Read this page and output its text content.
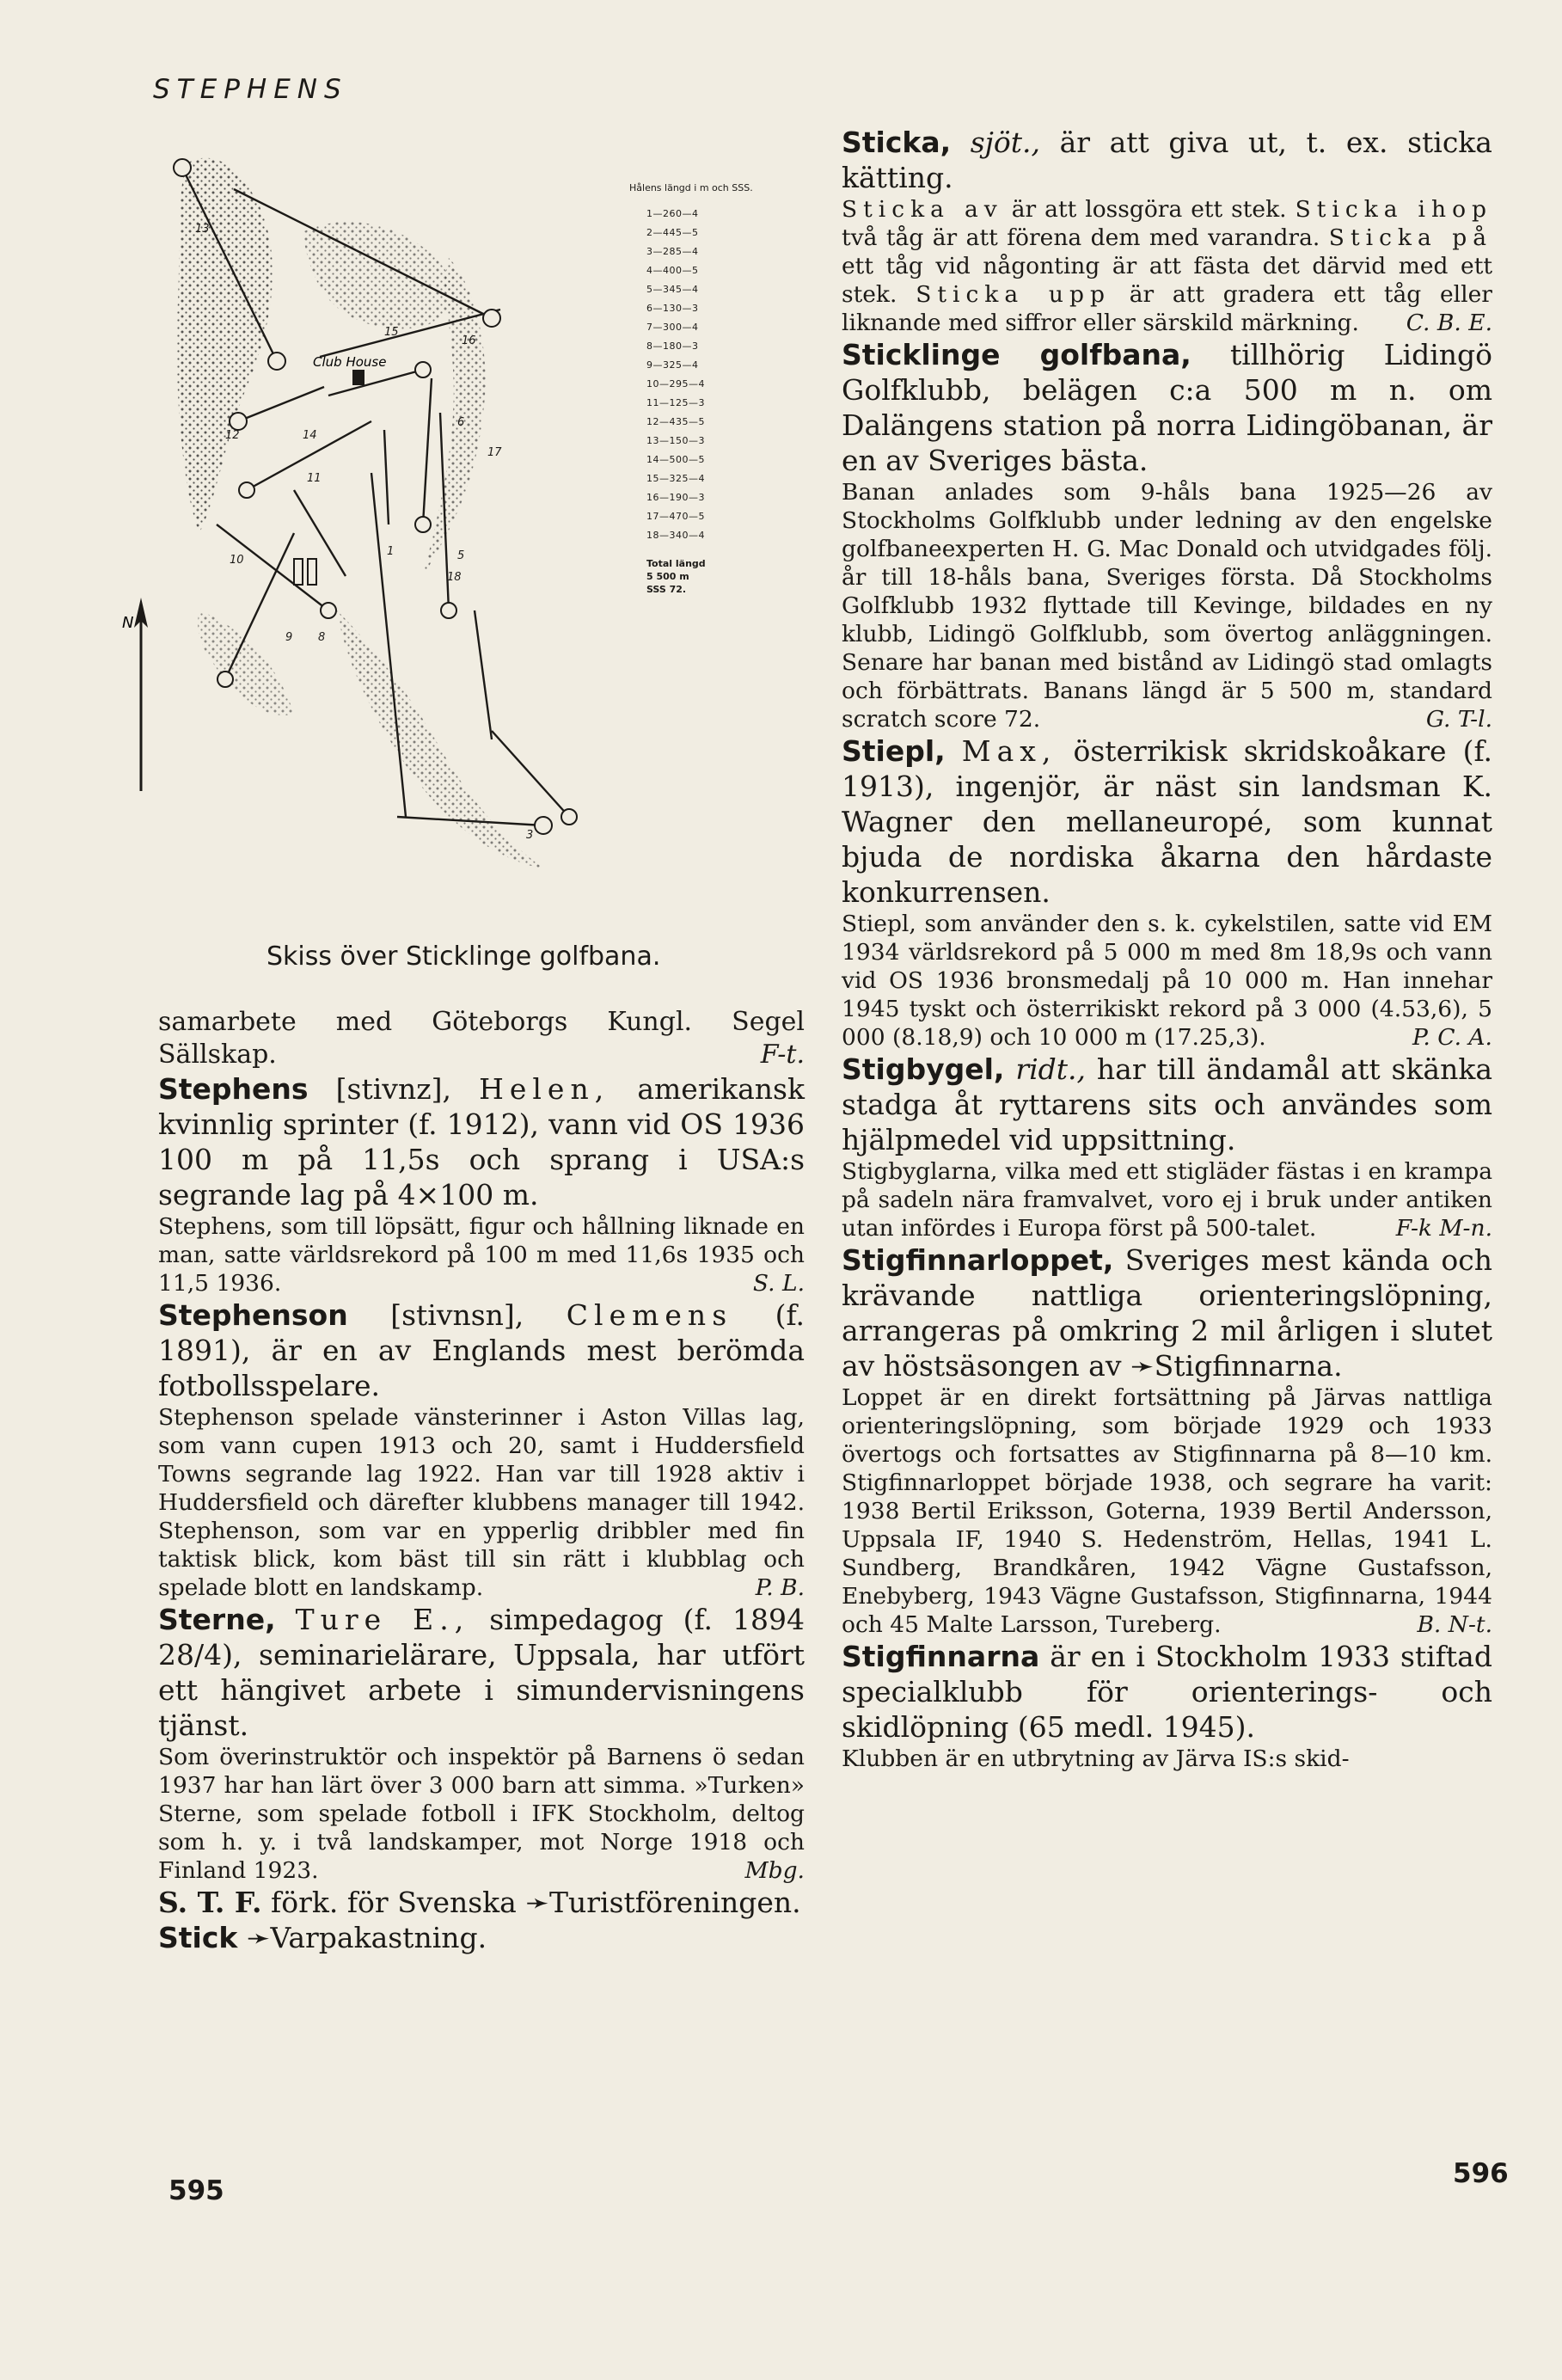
STEPHENS
Club House
N
13
15
16
6
17
12
11
10
1
9 8
5
18
3
14
Hålens längd i m och SSS.
1—260—4
2—445—5
3—285—4
4—400—5
5—345—4
6—130—3
7—300—4
8—180—3
9—325—4
10—295—4
11—125—3
12—435—5
13—150—3
14—500—5
15—325—4
16—190—3
17—470—5
18—340—4
Total längd
5 500 m
SSS 72.
Skiss över Sticklinge golfbana.

samarbete med Göteborgs Kungl. Segel Sällskap.	F-t.

Stephens [stivnz], Helen, amerikansk kvinnlig sprinter (f. 1912), vann vid OS 1936 100 m på 11,5s och sprang i USA:s segrande lag på 4×100 m.

Stephens, som till löpsätt, figur och hållning liknade en man, satte världsrekord på 100 m med 11,6s 1935 och 11,5 1936.	S. L.

Stephenson [stivnsn], Clemens (f. 1891), är en av Englands mest berömda fotbollsspelare.

Stephenson spelade vänsterinner i Aston Villas lag, som vann cupen 1913 och 20, samt i Huddersfield Towns segrande lag 1922. Han var till 1928 aktiv i Huddersfield och därefter klubbens manager till 1942. Stephenson, som var en ypperlig dribbler med fin taktisk blick, kom bäst till sin rätt i klubblag och spelade blott en landskamp.	P. B.

Sterne, Ture E., simpedagog (f. 1894 28/4), seminarielärare, Uppsala, har utfört ett hängivet arbete i simundervisningens tjänst.

Som överinstruktör och inspektör på Barnens ö sedan 1937 har han lärt över 3 000 barn att simma. »Turken» Sterne, som spelade fotboll i IFK Stockholm, deltog som h. y. i två landskamper, mot Norge 1918 och Finland 1923.	Mbg.

S. T. F. förk. för Svenska ➛Turistföreningen.

Stick ➛Varpakastning.

595

Sticka, sjöt., är att giva ut, t. ex. sticka kätting.

Sticka av är att lossgöra ett stek. Sticka ihop två tåg är att förena dem med varandra. Sticka på ett tåg vid någonting är att fästa det därvid med ett stek. Sticka upp är att gradera ett tåg eller liknande med siffror eller särskild märkning.	C. B. E.

Sticklinge golfbana, tillhörig Lidingö Golfklubb, belägen c:a 500 m n. om Dalängens station på norra Lidingöbanan, är en av Sveriges bästa.

Banan anlades som 9-håls bana 1925—26 av Stockholms Golfklubb under ledning av den engelske golfbaneexperten H. G. Mac Donald och utvidgades följ. år till 18-håls bana, Sveriges första. Då Stockholms Golfklubb 1932 flyttade till Kevinge, bildades en ny klubb, Lidingö Golfklubb, som övertog anläggningen. Senare har banan med bistånd av Lidingö stad omlagts och förbättrats. Banans längd är 5 500 m, standard scratch score 72.	G. T-l.

Stiepl, Max, österrikisk skridskoåkare (f. 1913), ingenjör, är näst sin landsman K. Wagner den mellaneuropé, som kunnat bjuda de nordiska åkarna den hårdaste konkurrensen.

Stiepl, som använder den s. k. cykelstilen, satte vid EM 1934 världsrekord på 5 000 m med 8m 18,9s och vann vid OS 1936 bronsmedalj på 10 000 m. Han innehar 1945 tyskt och österrikiskt rekord på 3 000 (4.53,6), 5 000 (8.18,9) och 10 000 m (17.25,3).	P. C. A.

Stigbygel, ridt., har till ändamål att skänka stadga åt ryttarens sits och användes som hjälpmedel vid uppsittning.

Stigbyglarna, vilka med ett stigläder fästas i en krampa på sadeln nära framvalvet, voro ej i bruk under antiken utan infördes i Europa först på 500-talet.	F-k M-n.

Stigfinnarloppet, Sveriges mest kända och krävande nattliga orienteringslöpning, arrangeras på omkring 2 mil årligen i slutet av höstsäsongen av ➛Stigfinnarna.

Loppet är en direkt fortsättning på Järvas nattliga orienteringslöpning, som började 1929 och 1933 övertogs och fortsattes av Stigfinnarna på 8—10 km. Stigfinnarloppet började 1938, och segrare ha varit: 1938 Bertil Eriksson, Goterna, 1939 Bertil Andersson, Uppsala IF, 1940 S. Hedenström, Hellas, 1941 L. Sundberg, Brandkåren, 1942 Vägne Gustafsson, Enebyberg, 1943 Vägne Gustafsson, Stigfinnarna, 1944 och 45 Malte Larsson, Tureberg.	B. N-t.

Stigfinnarna är en i Stockholm 1933 stiftad specialklubb för orienterings- och skidlöpning (65 medl. 1945).

Klubben är en utbrytning av Järva IS:s skid-

596
